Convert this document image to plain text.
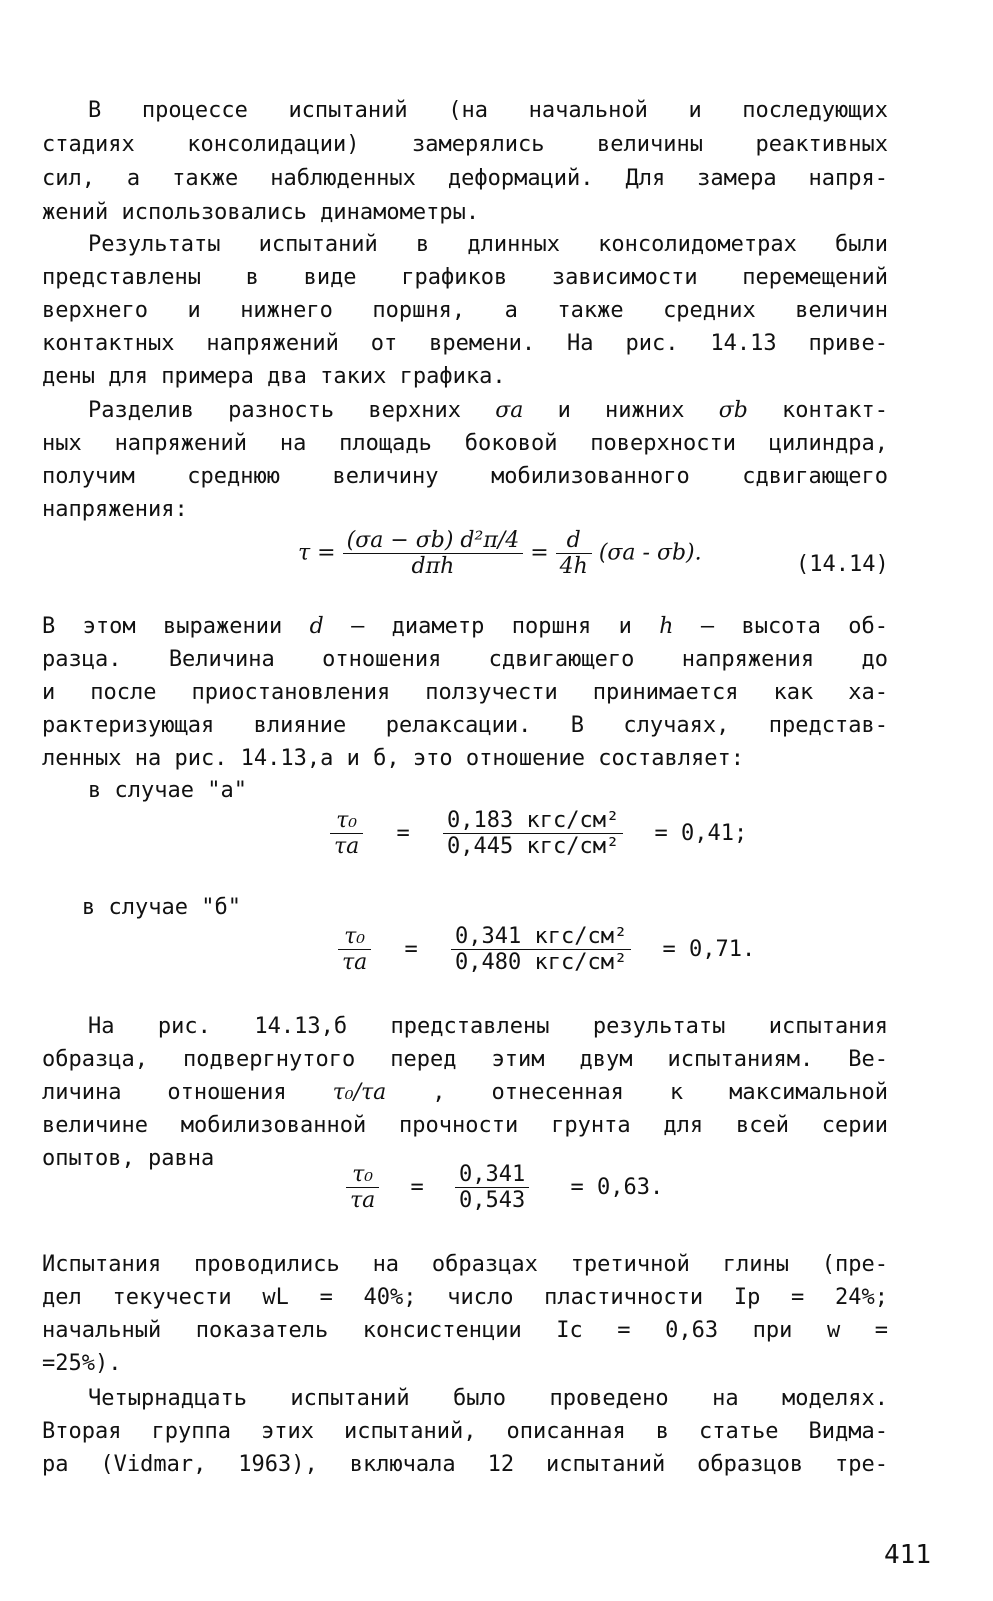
В процессе испытаний (на начальной и последующих
стадиях консолидации) замерялись величины реактивных
сил, а также наблюденных деформаций. Для замера напря-
жений использовались динамометры.
Результаты испытаний в длинных консолидометрах были
представлены в виде графиков зависимости перемещений
верхнего и нижнего поршня, а также средних величин
контактных напряжений от времени. На рис. 14.13 приве-
дены для примера два таких графика.
Разделив разность верхних σa и нижних σb контакт-
ных напряжений на площадь боковой поверхности цилиндра,
получим среднюю величину мобилизованного сдвигающего
напряжения:
$\tau = \frac{\text{(σa − σb) d²π/4}}{\text{dπh}} = \frac{d}{4h} (\sigma a - \sigma b)$.	(14.14)
В этом выражении d – диаметр поршня и h – высота об-
разца. Величина отношения сдвигающего напряжения до
и после приостановления ползучести принимается как ха-
рактеризующая влияние релаксации. В случаях, представ-
ленных на рис. 14.13,а и б, это отношение составляет:
в случае "а"
$\frac{\text{τ₀}}{\tau a} = \frac{\text{0,183 кгс/см²}}{\text{0,445 кгс/см²}} = 0,41$;
в случае "б"
$\frac{\text{τ₀}}{\tau a} = \frac{\text{0,341 кгс/см²}}{\text{0,480 кгс/см²}} = 0,71$.
На рис. 14.13,б представлены результаты испытания
образца, подвергнутого перед этим двум испытаниям. Ве-
личина отношения τ₀/τa , отнесенная к максимальной
величине мобилизованной прочности грунта для всей серии
опытов, равна
$\frac{\text{τ₀}}{\tau a} = \frac{0,341}{0,543} = 0,63$.
Испытания проводились на образцах третичной глины (пре-
дел текучести wL = 40%; число пластичности Ip = 24%;
начальный показатель консистенции Ic = 0,63 при w =
=25%).
Четырнадцать испытаний было проведено на моделях.
Вторая группа этих испытаний, описанная в статье Видма-
ра (Vidmar, 1963), включала 12 испытаний образцов тре-
411
